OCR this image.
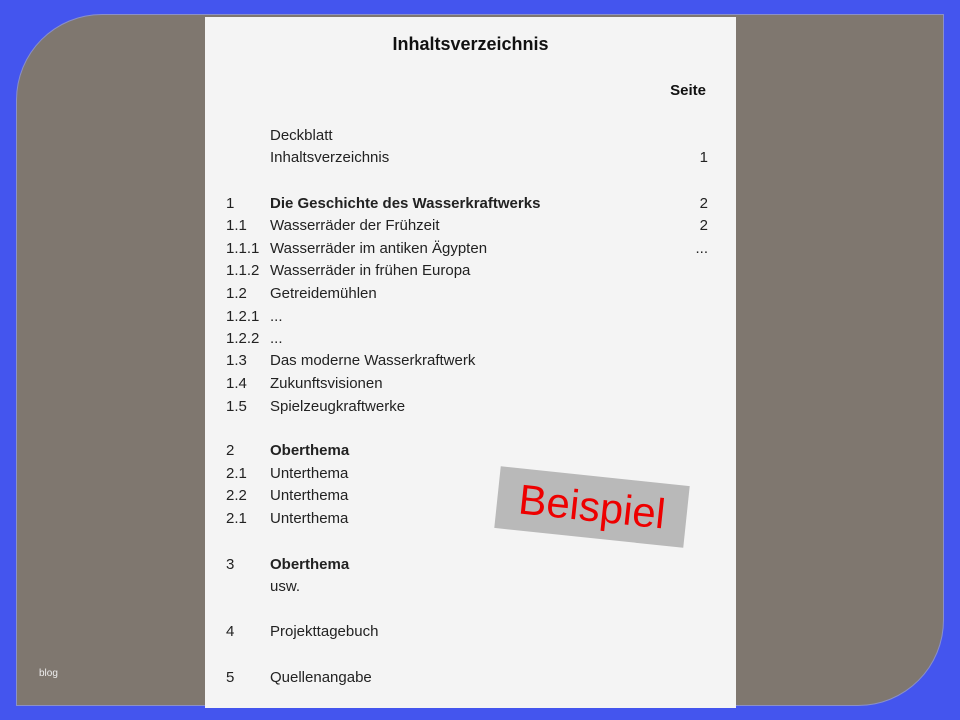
blog
Inhaltsverzeichnis
Seite
Deckblatt
Inhaltsverzeichnis	1
1 Die Geschichte des Wasserkraftwerks	2
1.1 Wasserräder der Frühzeit	2
1.1.1 Wasserräder im antiken Ägypten	...
1.1.2 Wasserräder in frühen Europa
1.2 Getreidemühlen
1.2.1 ...
1.2.2 ...
1.3 Das moderne Wasserkraftwerk
1.4 Zukunftsvisionen
1.5 Spielzeugkraftwerke
2 Oberthema
2.1 Unterthema
2.2 Unterthema
2.1 Unterthema
3 Oberthema
usw.
4 Projekttagebuch
5 Quellenangabe
Beispiel
